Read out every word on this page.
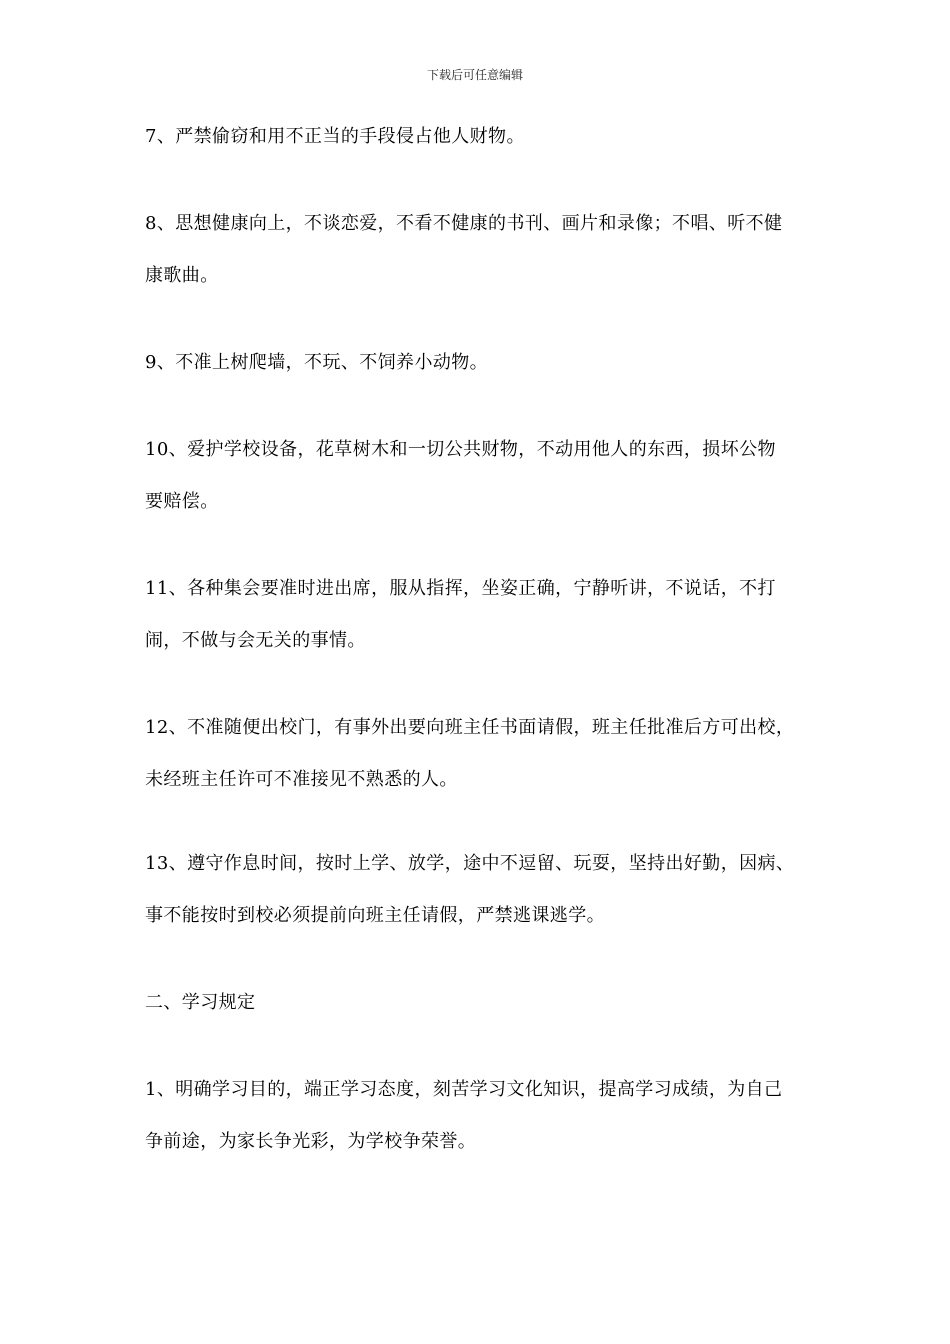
下载后可任意编辑
7、严禁偷窃和用不正当的手段侵占他人财物。
8、思想健康向上，不谈恋爱，不看不健康的书刊、画片和录像；不唱、听不健
康歌曲。
9、不准上树爬墙，不玩、不饲养小动物。
10、爱护学校设备，花草树木和一切公共财物，不动用他人的东西，损坏公物
要赔偿。
11、各种集会要准时进出席，服从指挥，坐姿正确，宁静听讲，不说话，不打
闹，不做与会无关的事情。
12、不准随便出校门，有事外出要向班主任书面请假，班主任批准后方可出校，
未经班主任许可不准接见不熟悉的人。
13、遵守作息时间，按时上学、放学，途中不逗留、玩耍，坚持出好勤，因病、
事不能按时到校必须提前向班主任请假，严禁逃课逃学。
二、学习规定
1、明确学习目的，端正学习态度，刻苦学习文化知识，提高学习成绩，为自己
争前途，为家长争光彩，为学校争荣誉。
